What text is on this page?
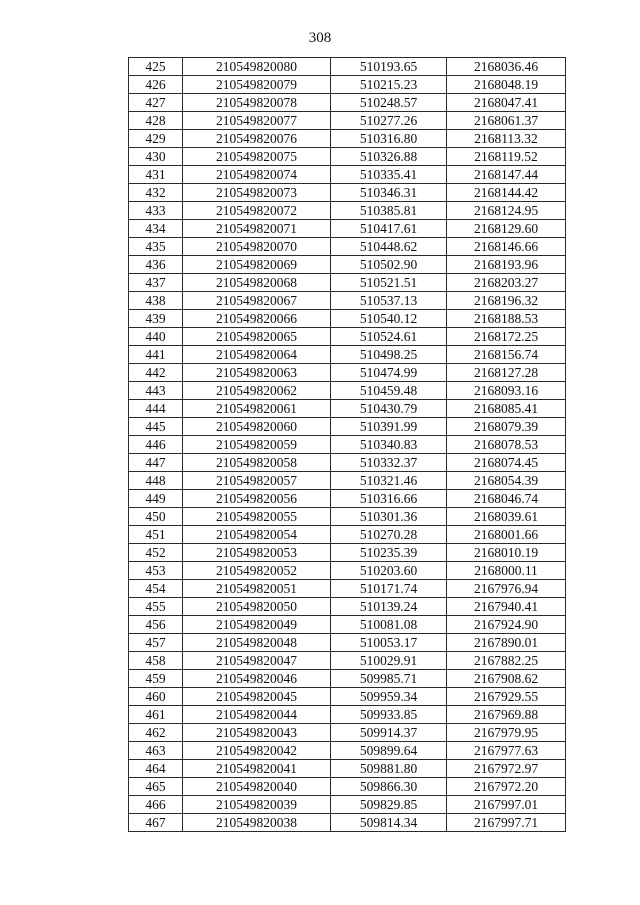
308
425	210549820080	510193.65	2168036.46
426	210549820079	510215.23	2168048.19
427	210549820078	510248.57	2168047.41
428	210549820077	510277.26	2168061.37
429	210549820076	510316.80	2168113.32
430	210549820075	510326.88	2168119.52
431	210549820074	510335.41	2168147.44
432	210549820073	510346.31	2168144.42
433	210549820072	510385.81	2168124.95
434	210549820071	510417.61	2168129.60
435	210549820070	510448.62	2168146.66
436	210549820069	510502.90	2168193.96
437	210549820068	510521.51	2168203.27
438	210549820067	510537.13	2168196.32
439	210549820066	510540.12	2168188.53
440	210549820065	510524.61	2168172.25
441	210549820064	510498.25	2168156.74
442	210549820063	510474.99	2168127.28
443	210549820062	510459.48	2168093.16
444	210549820061	510430.79	2168085.41
445	210549820060	510391.99	2168079.39
446	210549820059	510340.83	2168078.53
447	210549820058	510332.37	2168074.45
448	210549820057	510321.46	2168054.39
449	210549820056	510316.66	2168046.74
450	210549820055	510301.36	2168039.61
451	210549820054	510270.28	2168001.66
452	210549820053	510235.39	2168010.19
453	210549820052	510203.60	2168000.11
454	210549820051	510171.74	2167976.94
455	210549820050	510139.24	2167940.41
456	210549820049	510081.08	2167924.90
457	210549820048	510053.17	2167890.01
458	210549820047	510029.91	2167882.25
459	210549820046	509985.71	2167908.62
460	210549820045	509959.34	2167929.55
461	210549820044	509933.85	2167969.88
462	210549820043	509914.37	2167979.95
463	210549820042	509899.64	2167977.63
464	210549820041	509881.80	2167972.97
465	210549820040	509866.30	2167972.20
466	210549820039	509829.85	2167997.01
467	210549820038	509814.34	2167997.71
